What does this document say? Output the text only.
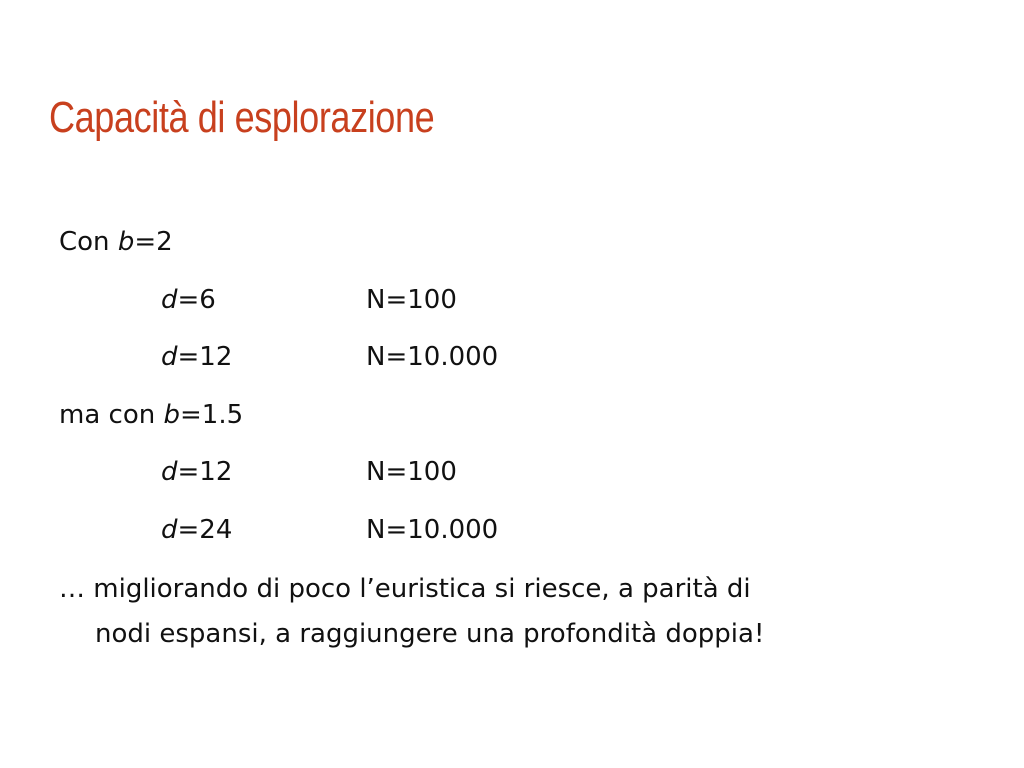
Capacità di esplorazione
Con b=2
d=6	N=100
d=12	N=10.000
ma con b=1.5
d=12	N=100
d=24	N=10.000
… migliorando di poco l’euristica si riesce, a parità di
nodi espansi, a raggiungere una profondità doppia!
